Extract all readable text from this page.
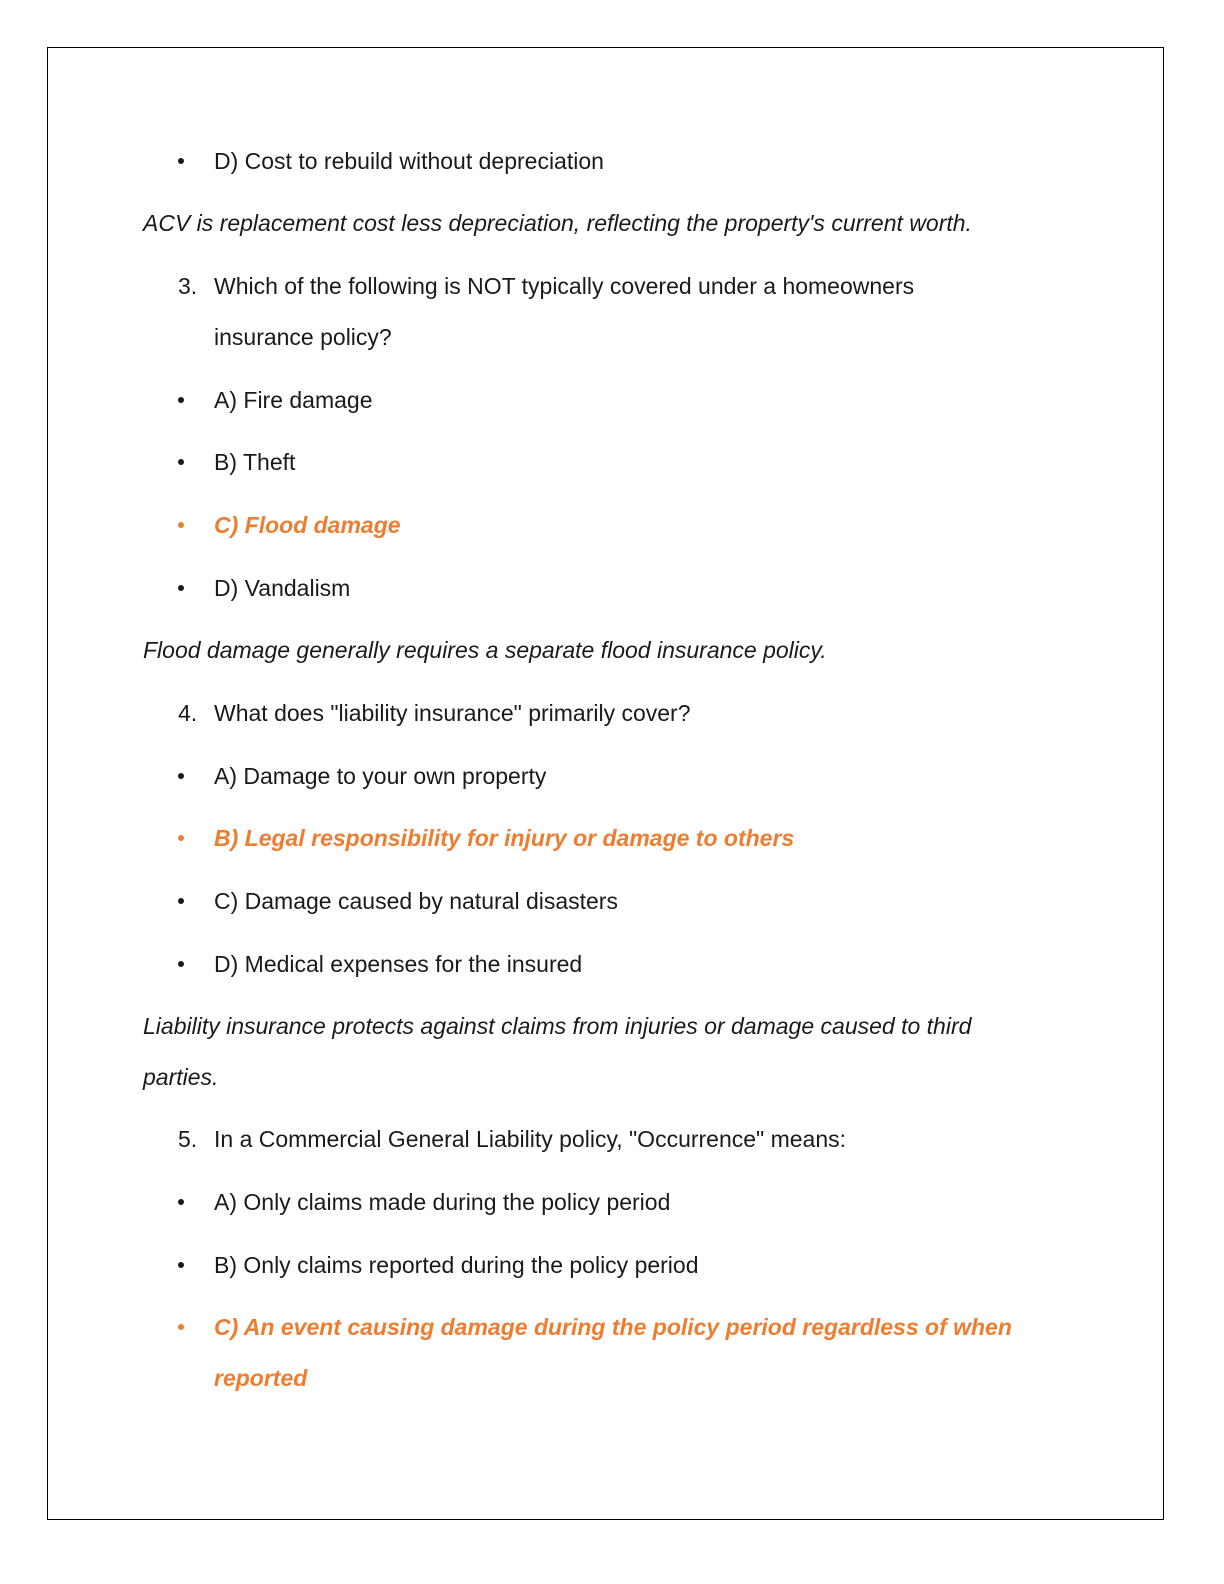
D) Cost to rebuild without depreciation
ACV is replacement cost less depreciation, reflecting the property's current worth.
3. Which of the following is NOT typically covered under a homeowners
insurance policy?
A) Fire damage
B) Theft
C) Flood damage
D) Vandalism
Flood damage generally requires a separate flood insurance policy.
4. What does "liability insurance" primarily cover?
A) Damage to your own property
B) Legal responsibility for injury or damage to others
C) Damage caused by natural disasters
D) Medical expenses for the insured
Liability insurance protects against claims from injuries or damage caused to third
parties.
5. In a Commercial General Liability policy, "Occurrence" means:
A) Only claims made during the policy period
B) Only claims reported during the policy period
C) An event causing damage during the policy period regardless of when
reported
